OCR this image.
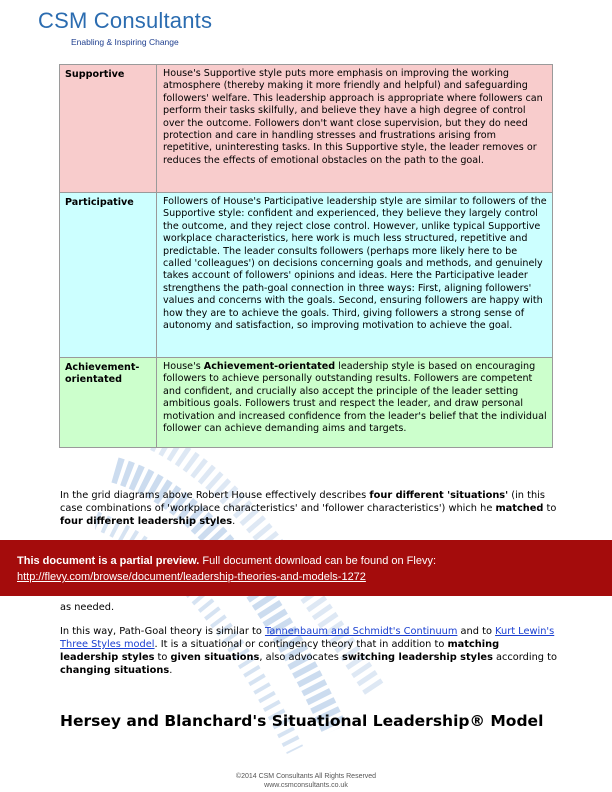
CSM Consultants
Enabling & Inspiring Change
Supportive	House's Supportive style puts more emphasis on improving the working atmosphere (thereby making it more friendly and helpful) and safeguarding followers' welfare. This leadership approach is appropriate where followers can perform their tasks skilfully, and believe they have a high degree of control over the outcome. Followers don't want close supervision, but they do need protection and care in handling stresses and frustrations arising from repetitive, uninteresting tasks. In this Supportive style, the leader removes or reduces the effects of emotional obstacles on the path to the goal.
Participative	Followers of House's Participative leadership style are similar to followers of the Supportive style: confident and experienced, they believe they largely control the outcome, and they reject close control. However, unlike typical Supportive workplace characteristics, here work is much less structured, repetitive and predictable. The leader consults followers (perhaps more likely here to be called 'colleagues') on decisions concerning goals and methods, and genuinely takes account of followers' opinions and ideas. Here the Participative leader strengthens the path-goal connection in three ways: First, aligning followers' values and concerns with the goals. Second, ensuring followers are happy with how they are to achieve the goals. Third, giving followers a strong sense of autonomy and satisfaction, so improving motivation to achieve the goal.
Achievement-orientated	House's Achievement-orientated leadership style is based on encouraging followers to achieve personally outstanding results. Followers are competent and confident, and crucially also accept the principle of the leader setting ambitious goals. Followers trust and respect the leader, and draw personal motivation and increased confidence from the leader's belief that the individual follower can achieve demanding aims and targets.
In the grid diagrams above Robert House effectively describes four different 'situations' (in this case combinations of 'workplace characteristics' and 'follower characteristics') which he matched to four different leadership styles.
as needed.
In this way, Path-Goal theory is similar to Tannenbaum and Schmidt's Continuum and to Kurt Lewin's Three Styles model. It is a situational or contingency theory that in addition to matching leadership styles to given situations, also advocates switching leadership styles according to changing situations.
Hersey and Blanchard's Situational Leadership® Model
This document is a partial preview. Full document download can be found on Flevy:
http://flevy.com/browse/document/leadership-theories-and-models-1272
©2014 CSM Consultants All Rights Reserved
www.csmconsultants.co.uk
